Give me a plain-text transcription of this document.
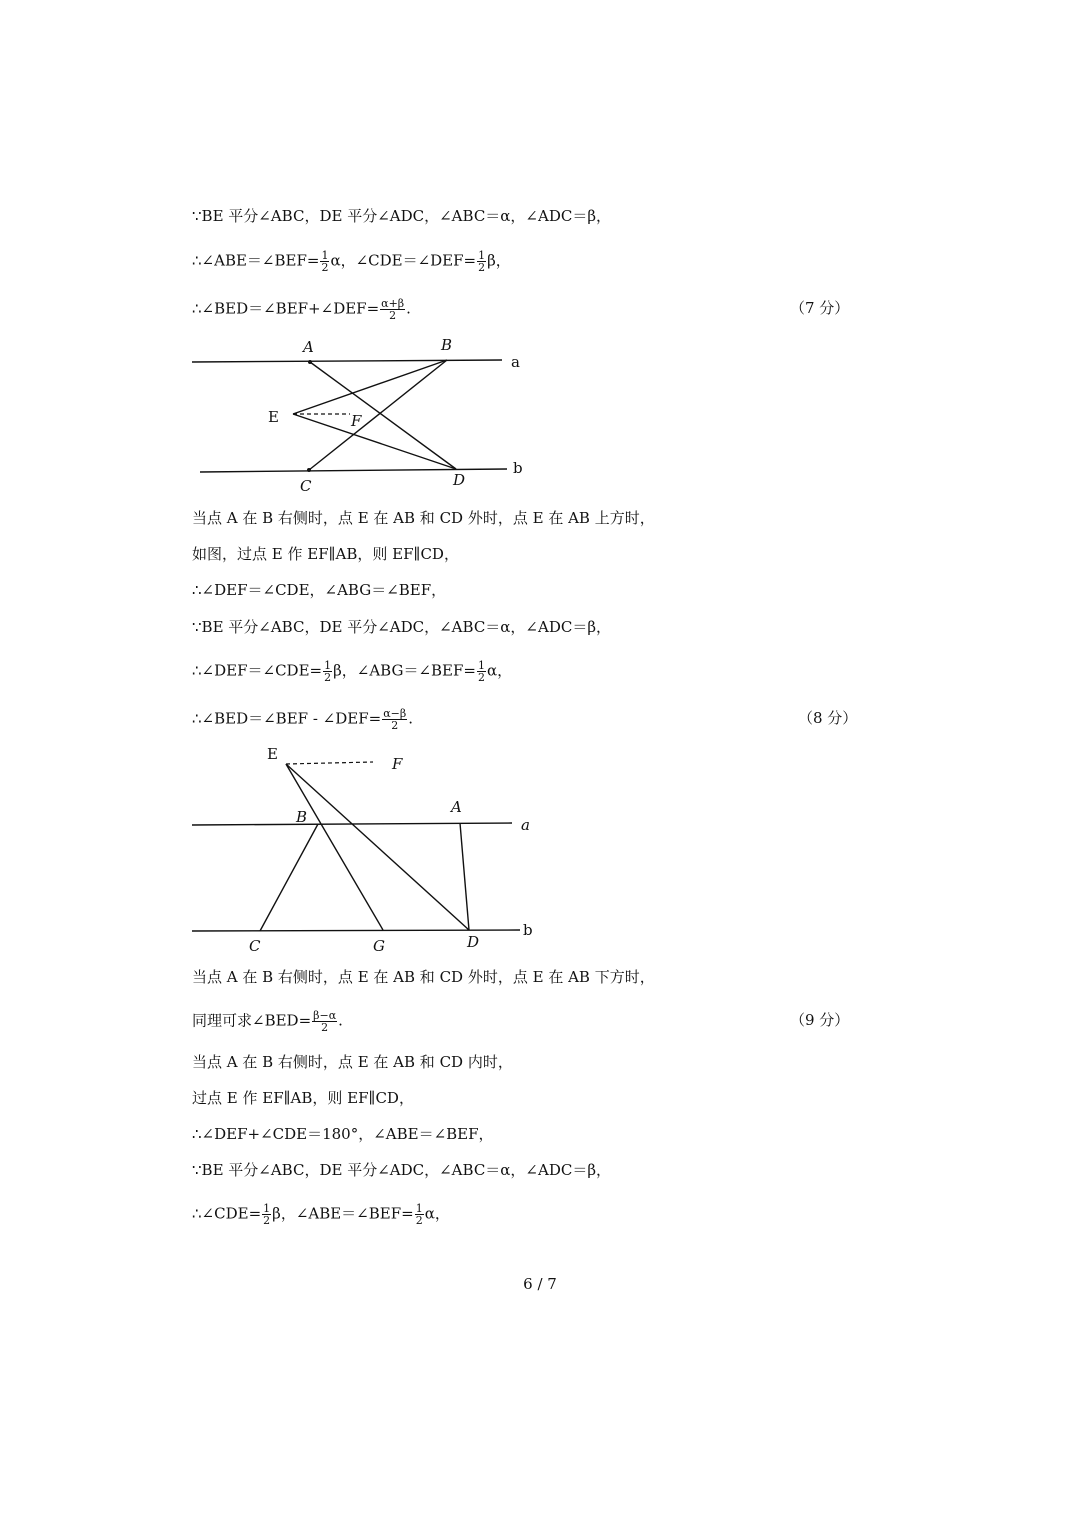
∵BE 平分∠ABC，DE 平分∠ADC，∠ABC＝α，∠ADC＝β，
∴∠ABE＝∠BEF= $\frac{1}{2}$ α，∠CDE＝∠DEF= $\frac{1}{2}$ β，
∴∠BED＝∠BEF+∠DEF= $\frac{\alpha+\beta}{2}$ .	（7 分）
A	B
a
E	F
b
C	D
当点 A 在 B 右侧时，点 E 在 AB 和 CD 外时，点 E 在 AB 上方时，
如图，过点 E 作 EF∥AB，则 EF∥CD，
∴∠DEF＝∠CDE，∠ABG＝∠BEF，
∵BE 平分∠ABC，DE 平分∠ADC，∠ABC＝α，∠ADC＝β，
∴∠DEF＝∠CDE= $\frac{1}{2}$ β，∠ABG＝∠BEF= $\frac{1}{2}$ α，
∴∠BED＝∠BEF - ∠DEF= $\frac{\alpha-\beta}{2}$ .	（8 分）
E
F
A
B	a
C	G	D
b
当点 A 在 B 右侧时，点 E 在 AB 和 CD 外时，点 E 在 AB 下方时，
同理可求∠BED= $\frac{\beta-\alpha}{2}$ .	（9 分）
当点 A 在 B 右侧时，点 E 在 AB 和 CD 内时，
过点 E 作 EF∥AB，则 EF∥CD，
∴∠DEF+∠CDE＝180°，∠ABE＝∠BEF，
∵BE 平分∠ABC，DE 平分∠ADC，∠ABC＝α，∠ADC＝β，
∴∠CDE= $\frac{1}{2}$ β，∠ABE＝∠BEF= $\frac{1}{2}$ α，
6 / 7
